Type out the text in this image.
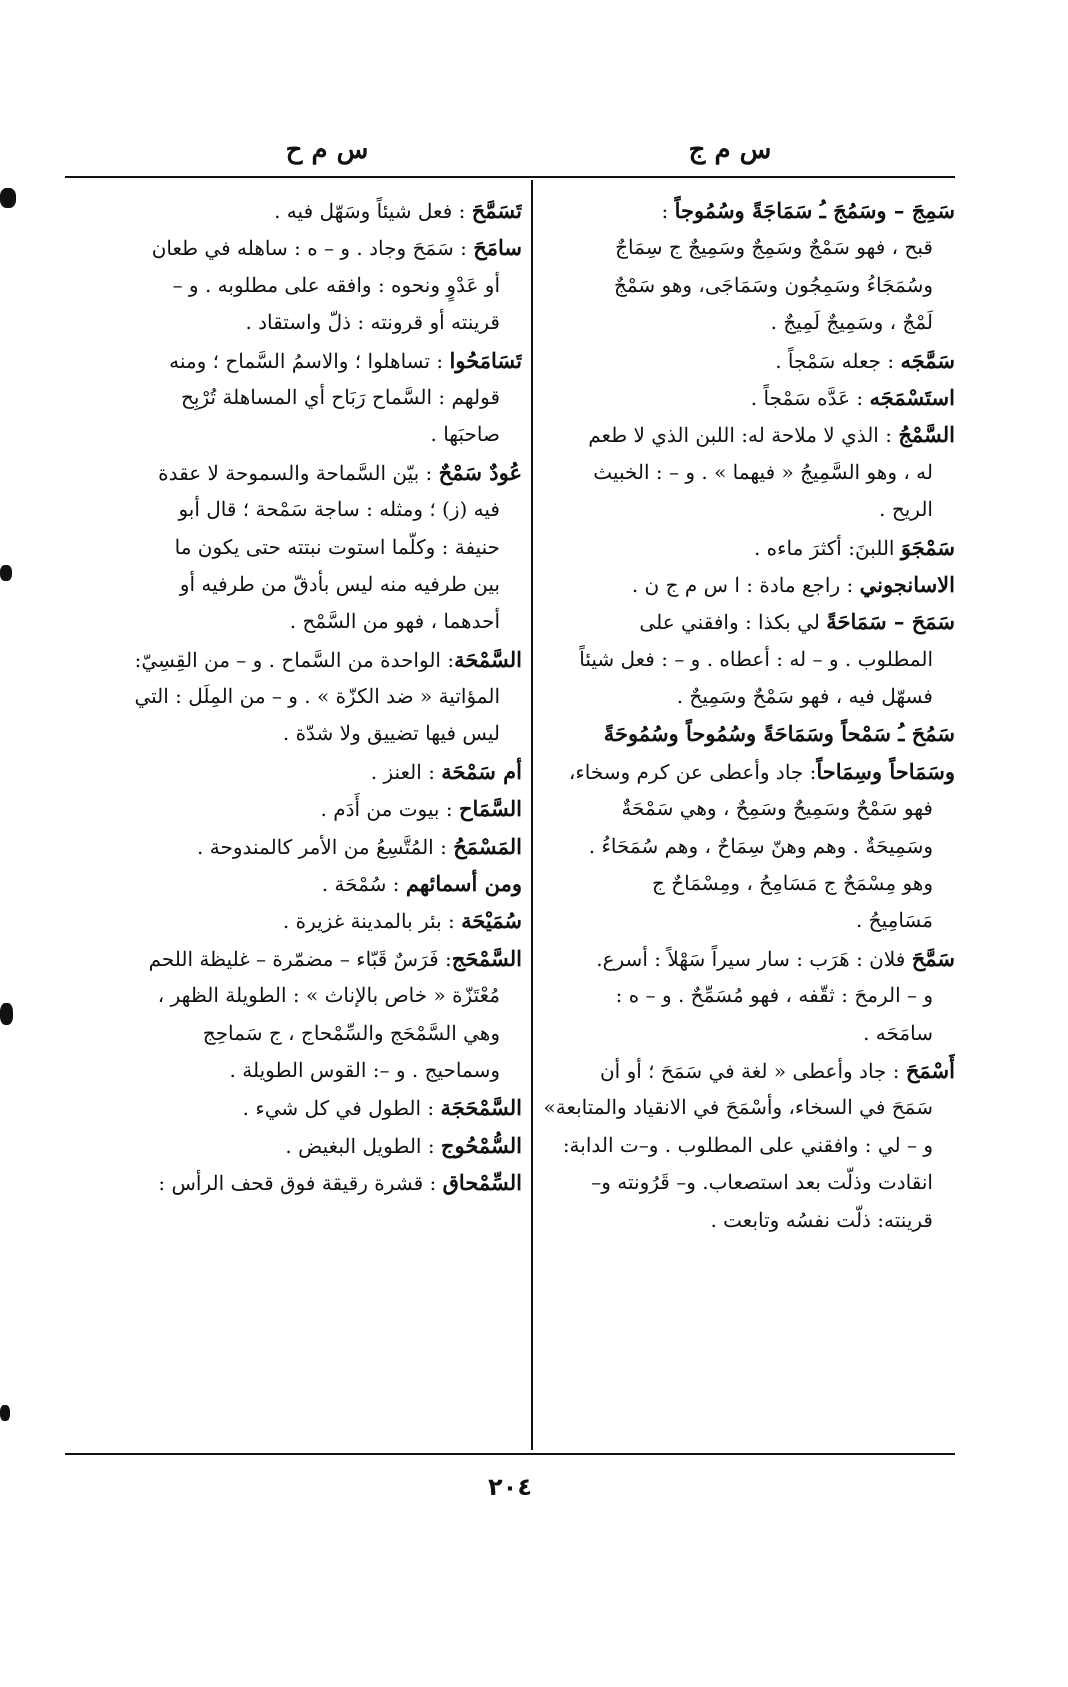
س م ج
س م ح
سَمِجَ – وسَمُجَ ـُ سَمَاجَةً وسُمُوجاً :
قبح ، فهو سَمْجٌ وسَمِجٌ وسَمِيجٌ ج سِمَاجٌ
وسُمَجَاءُ وسَمِجُون وسَمَاجَى، وهو سَمْجٌ
لَمْجٌ ، وسَمِيجٌ لَمِيجٌ .
سَمَّجَه : جعله سَمْجاً .
استَسْمَجَه : عَدَّه سَمْجاً .
السَّمْجُ : الذي لا ملاحة له: اللبن الذي لا طعم
له ، وهو السَّمِيجُ « فيهما » . و – : الخبيث
الريح .
سَمْجَوَ اللبنَ: أكثرَ ماءه .
الاسانجوني : راجع مادة : ا س م ج ن .
سَمَحَ – سَمَاحَةً لي بكذا : وافقني على
المطلوب . و – له : أعطاه . و – : فعل شيئاً
فسهّل فيه ، فهو سَمْحٌ وسَمِيحٌ .
سَمُحَ ـُ سَمْحاً وسَمَاحَةً وسُمُوحاً وسُمُوحَةً
وسَمَاحاً وسِمَاحاً: جاد وأعطى عن كرم وسخاء،
فهو سَمْحٌ وسَمِيحٌ وسَمِحٌ ، وهي سَمْحَةٌ
وسَمِيحَةٌ . وهم وهنّ سِمَاحٌ ، وهم سُمَحَاءُ .
وهو مِسْمَحٌ ج مَسَامِحُ ، ومِسْمَاحٌ ج
مَسَامِيحُ .
سَمَّحَ فلان : هَرَب : سار سيراً سَهْلاً : أسرع.
و – الرمحَ : ثقّفه ، فهو مُسَمِّحٌ . و – ه :
سامَحَه .
أَسْمَحَ : جاد وأعطى « لغة في سَمَحَ ؛ أو أن
سَمَحَ في السخاء، وأسْمَحَ في الانقياد والمتابعة»
و – لي : وافقني على المطلوب . و–ت الدابة:
انقادت وذلّت بعد استصعاب. و– قَرُونته و–
قرينته: ذلّت نفسُه وتابعت .
تَسَمَّحَ : فعل شيئاً وسَهّل فيه .
سامَحَ : سَمَحَ وجاد . و – ه : ساهله في طعان
أو عَدْوٍ ونحوه : وافقه على مطلوبه . و –
قرينته أو قرونته : ذلّ واستقاد .
تَسَامَحُوا : تساهلوا ؛ والاسمُ السَّماح ؛ ومنه
قولهم : السَّماح رَبَاح أي المساهلة تُرْبِح
صاحبَها .
عُودٌ سَمْحٌ : بيّن السَّماحة والسموحة لا عقدة
فيه (ز) ؛ ومثله : ساجة سَمْحة ؛ قال أبو
حنيفة : وكلّما استوت نبتته حتى يكون ما
بين طرفيه منه ليس بأدقّ من طرفيه أو
أحدهما ، فهو من السَّمْح .
السَّمْحَة: الواحدة من السَّماح . و – من القِسِيّ:
المؤاتية « ضد الكزّة » . و – من المِلَل : التي
ليس فيها تضييق ولا شدّة .
أم سَمْحَة : العنز .
السَّمَاح : بيوت من أَدَم .
المَسْمَحُ : المُتَّسِعُ من الأمر كالمندوحة .
ومن أسمائهم : سُمْحَة .
سُمَيْحَة : بئر بالمدينة غزيرة .
السَّمْحَج: فَرَسٌ قَبّاء – مضمّرة – غليظة اللحم
مُعْتَزّة « خاص بالإناث » : الطويلة الظهر ،
وهي السَّمْحَج والسِّمْحاج ، ج سَماحِج
وسماحيج . و –: القوس الطويلة .
السَّمْحَجَة : الطول في كل شيء .
السُّمْحُوج : الطويل البغيض .
السِّمْحاق : قشرة رقيقة فوق قحف الرأس :
٢٠٤
